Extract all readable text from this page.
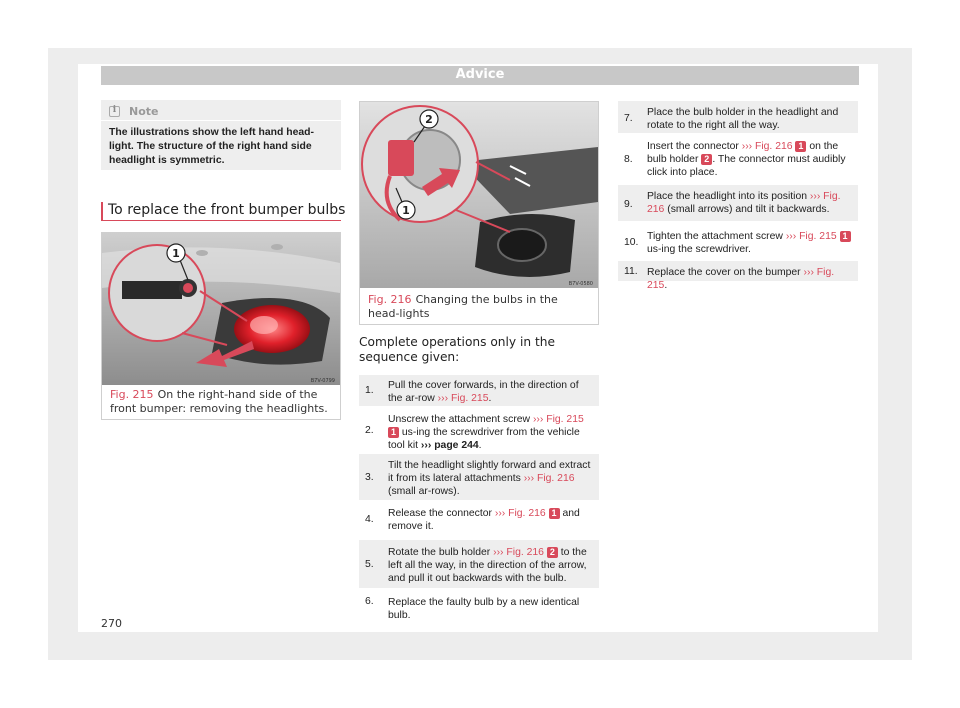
Advice
i Note
The illustrations show the left hand head-light. The structure of the right hand side headlight is symmetric.
To replace the front bumper bulbs
1
B7V-0799
Fig. 215 On the right-hand side of the front bumper: removing the headlights.
2
1
B7V-0580
Fig. 216 Changing the bulbs in the head-lights
Complete operations only in the sequence given:
1. Pull the cover forwards, in the direction of the ar-row ››› Fig. 215.
2.
Unscrew the attachment screw ››› Fig. 215 1 us-ing the screwdriver from the vehicle tool kit ››› page 244.
3.
Tilt the headlight slightly forward and extract it from its lateral attachments ››› Fig. 216 (small ar-rows).
4.
Release the connector ››› Fig. 216 1 and remove it.
5.
Rotate the bulb holder ››› Fig. 216 2 to the left all the way, in the direction of the arrow, and pull it out backwards with the bulb.
6. Replace the faulty bulb by a new identical bulb.
7.
Place the bulb holder in the headlight and rotate to the right all the way.
8.
Insert the connector ››› Fig. 216 1 on the bulb holder 2 . The connector must audibly click into place.
9.
Place the headlight into its position ››› Fig. 216 (small arrows) and tilt it backwards.
10.
Tighten the attachment screw ››› Fig. 215 1 us-ing the screwdriver.
11. Replace the cover on the bumper ››› Fig. 215.
270
